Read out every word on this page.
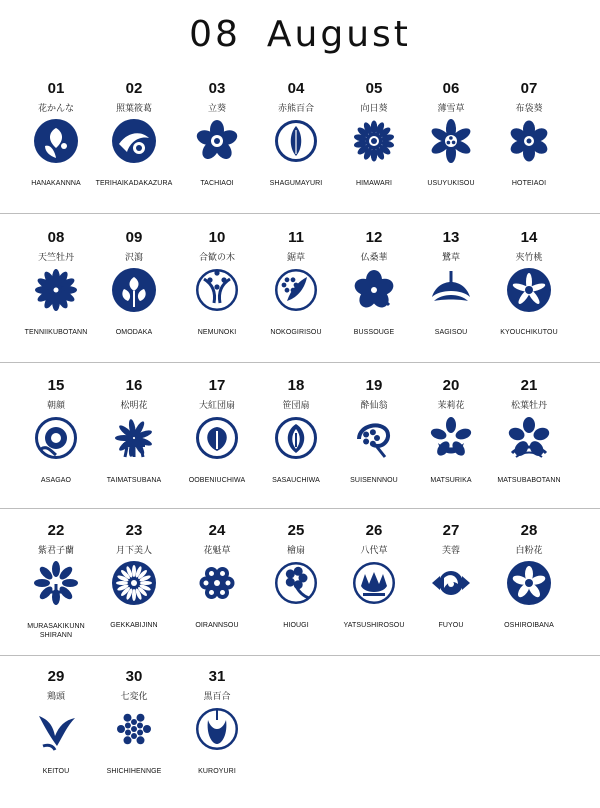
08 August
01
花かんな
HANAKANNNA
02
照葉筱葛
TERIHAIKADAKAZURA
03
立葵
TACHIAOI
04
赤熊百合
SHAGUMAYURI
05
向日葵
HIMAWARI
06
薄雪草
USUYUKISOU
07
布袋葵
HOTEIAOI
08
天竺牡丹
TENNIIKUBOTANN
09
沢瀉
OMODAKA
10
合歓の木
NEMUNOKI
11
鋸草
NOKOGIRISOU
12
仏桑華
BUSSOUGE
13
鷺草
SAGISOU
14
夾竹桃
KYOUCHIKUTOU
15
朝顔
ASAGAO
16
松明花
TAIMATSUBANA
17
大紅団扇
OOBENIUCHIWA
18
笹団扇
SASAUCHIWA
19
酔仙翁
SUISENNNOU
20
茉莉花
MATSURIKA
21
松葉牡丹
MATSUBABOTANN
22
紫君子蘭
MURASAKIKUNN SHIRANN
23
月下美人
GEKKABIJINN
24
花魁草
OIRANNSOU
25
檜扇
HIOUGI
26
八代草
YATSUSHIROSOU
27
芙蓉
FUYOU
28
白粉花
OSHIROIBANA
29
鶏頭
KEITOU
30
七変化
SHICHIHENNGE
31
黒百合
KUROYURI
